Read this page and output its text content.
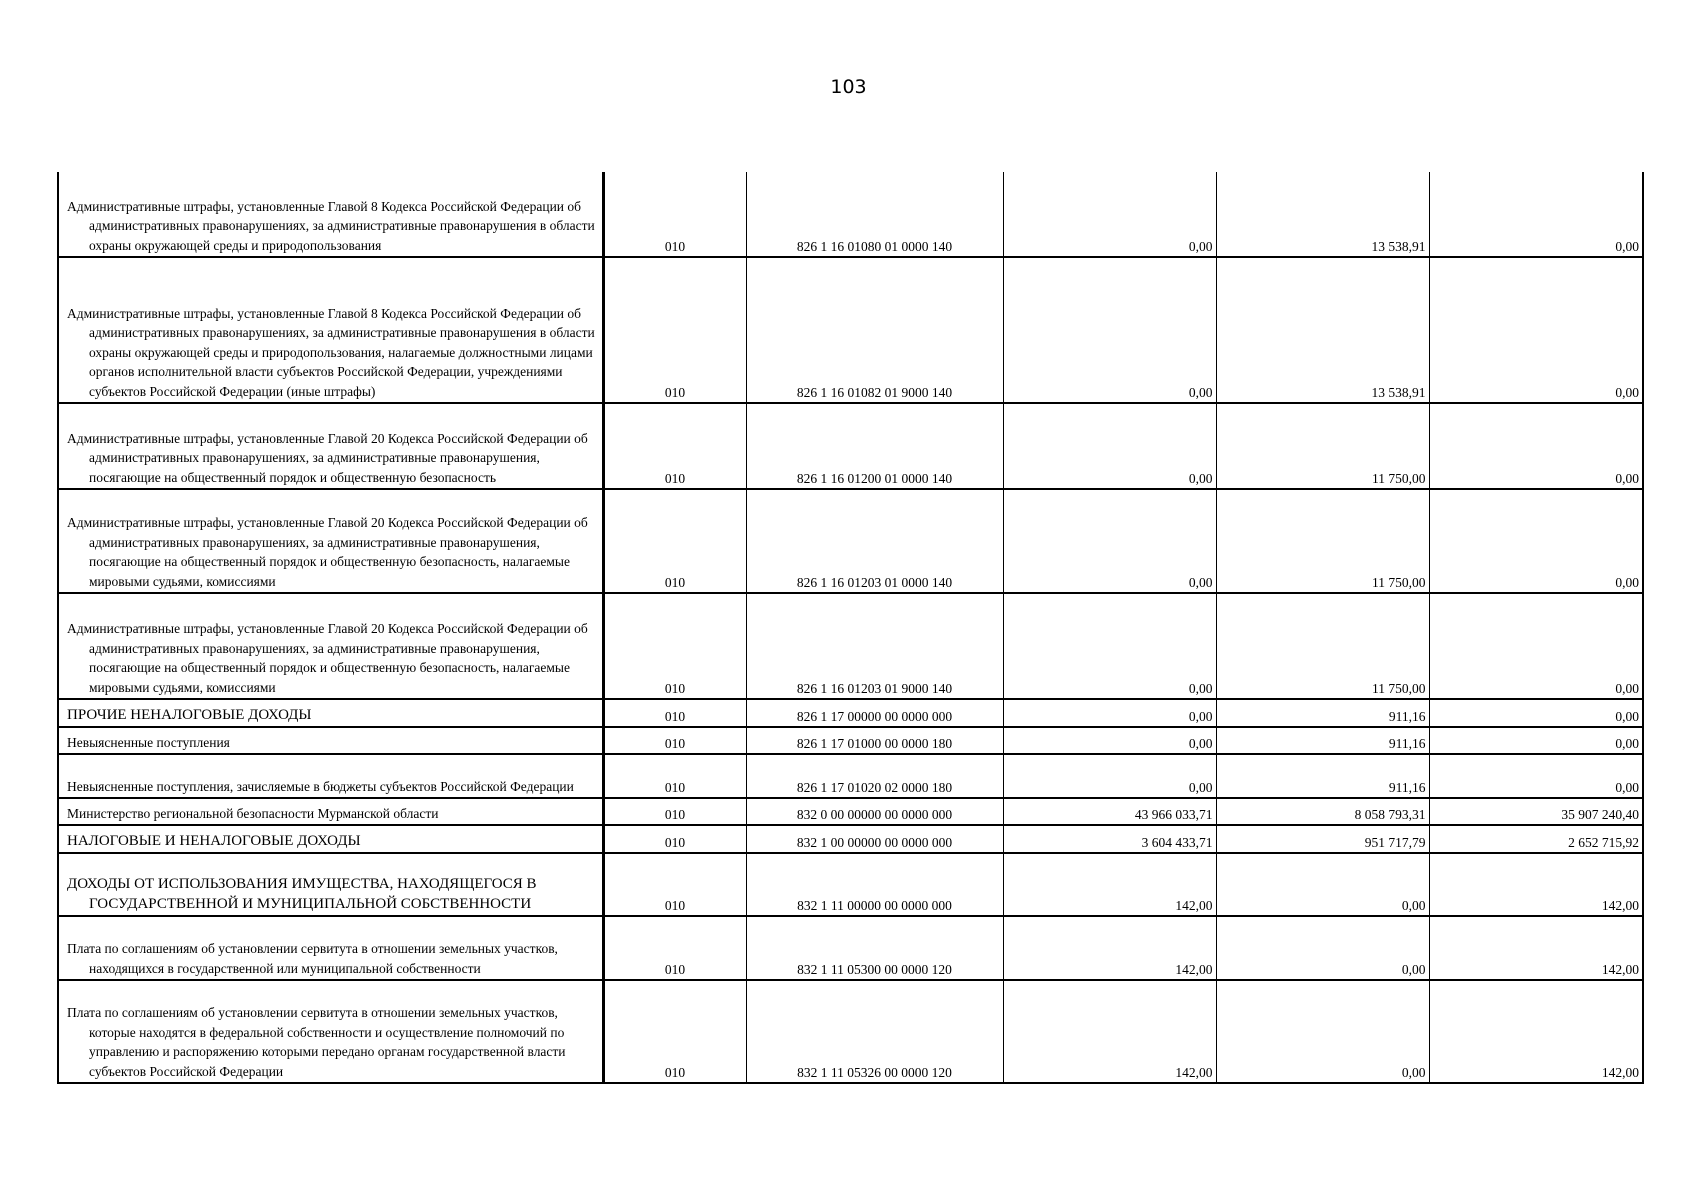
103
Административные штрафы, установленные Главой 8 Кодекса Российской Федерации об административных правонарушениях, за административные правонарушения в области охраны окружающей среды и природопользования	010	826 1 16 01080 01 0000 140	0,00	13 538,91	0,00
Административные штрафы, установленные Главой 8 Кодекса Российской Федерации об административных правонарушениях, за административные правонарушения в области охраны окружающей среды и природопользования, налагаемые должностными лицами органов исполнительной власти субъектов Российской Федерации, учреждениями субъектов Российской Федерации (иные штрафы)	010	826 1 16 01082 01 9000 140	0,00	13 538,91	0,00
Административные штрафы, установленные Главой 20 Кодекса Российской Федерации об административных правонарушениях, за административные правонарушения, посягающие на общественный порядок и общественную безопасность	010	826 1 16 01200 01 0000 140	0,00	11 750,00	0,00
Административные штрафы, установленные Главой 20 Кодекса Российской Федерации об административных правонарушениях, за административные правонарушения, посягающие на общественный порядок и общественную безопасность, налагаемые мировыми судьями, комиссиями	010	826 1 16 01203 01 0000 140	0,00	11 750,00	0,00
Административные штрафы, установленные Главой 20 Кодекса Российской Федерации об административных правонарушениях, за административные правонарушения, посягающие на общественный порядок и общественную безопасность, налагаемые мировыми судьями, комиссиями	010	826 1 16 01203 01 9000 140	0,00	11 750,00	0,00
ПРОЧИЕ НЕНАЛОГОВЫЕ ДОХОДЫ	010	826 1 17 00000 00 0000 000	0,00	911,16	0,00
Невыясненные поступления	010	826 1 17 01000 00 0000 180	0,00	911,16	0,00
Невыясненные поступления, зачисляемые в бюджеты субъектов Российской Федерации	010	826 1 17 01020 02 0000 180	0,00	911,16	0,00
Министерство региональной безопасности Мурманской области	010	832 0 00 00000 00 0000 000	43 966 033,71	8 058 793,31	35 907 240,40
НАЛОГОВЫЕ И НЕНАЛОГОВЫЕ ДОХОДЫ	010	832 1 00 00000 00 0000 000	3 604 433,71	951 717,79	2 652 715,92
ДОХОДЫ ОТ ИСПОЛЬЗОВАНИЯ ИМУЩЕСТВА, НАХОДЯЩЕГОСЯ В ГОСУДАРСТВЕННОЙ И МУНИЦИПАЛЬНОЙ СОБСТВЕННОСТИ	010	832 1 11 00000 00 0000 000	142,00	0,00	142,00
Плата по соглашениям об установлении сервитута в отношении земельных участков, находящихся в государственной или муниципальной собственности	010	832 1 11 05300 00 0000 120	142,00	0,00	142,00
Плата по соглашениям об установлении сервитута в отношении земельных участков, которые находятся в федеральной собственности и осуществление полномочий по управлению и распоряжению которыми передано органам государственной власти субъектов Российской Федерации	010	832 1 11 05326 00 0000 120	142,00	0,00	142,00
